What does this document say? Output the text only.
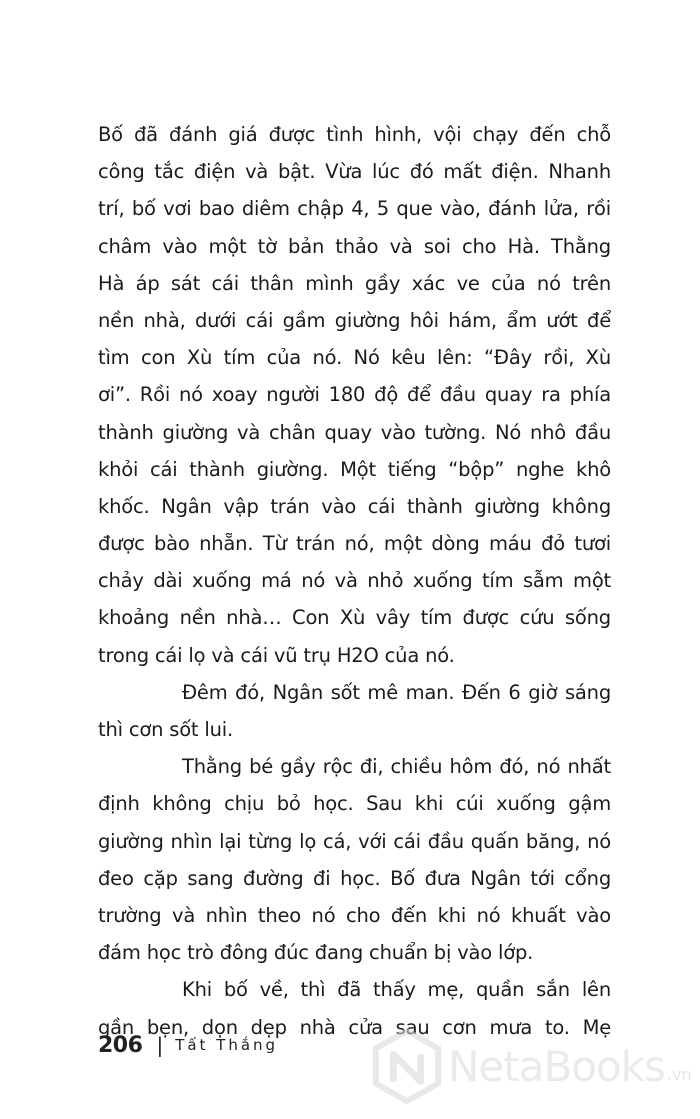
Bố đã đánh giá được tình hình, vội chạy đến chỗ
công tắc điện và bật. Vừa lúc đó mất điện. Nhanh
trí, bố vơi bao diêm chập 4, 5 que vào, đánh lửa, rồi
châm vào một tờ bản thảo và soi cho Hà. Thằng
Hà áp sát cái thân mình gầy xác ve của nó trên
nền nhà, dưới cái gầm giường hôi hám, ẩm ướt để
tìm con Xù tím của nó. Nó kêu lên: “Đây rồi, Xù
ơi”. Rồi nó xoay người 180 độ để đầu quay ra phía
thành giường và chân quay vào tường. Nó nhô đầu
khỏi cái thành giường. Một tiếng “bộp” nghe khô
khốc. Ngân vập trán vào cái thành giường không
được bào nhẵn. Từ trán nó, một dòng máu đỏ tươi
chảy dài xuống má nó và nhỏ xuống tím sẫm một
khoảng nền nhà… Con Xù vây tím được cứu sống
trong cái lọ và cái vũ trụ H2O của nó.
Đêm đó, Ngân sốt mê man. Đến 6 giờ sáng
thì cơn sốt lui.
Thằng bé gầy rộc đi, chiều hôm đó, nó nhất
định không chịu bỏ học. Sau khi cúi xuống gậm
giường nhìn lại từng lọ cá, với cái đầu quấn băng, nó
đeo cặp sang đường đi học. Bố đưa Ngân tới cổng
trường và nhìn theo nó cho đến khi nó khuất vào
đám học trò đông đúc đang chuẩn bị vào lớp.
Khi bố về, thì đã thấy mẹ, quần sắn lên
gần bẹn, dọn dẹp nhà cửa sau cơn mưa to. Mẹ
206 | Tất Thắng	NetaBooks .vn
